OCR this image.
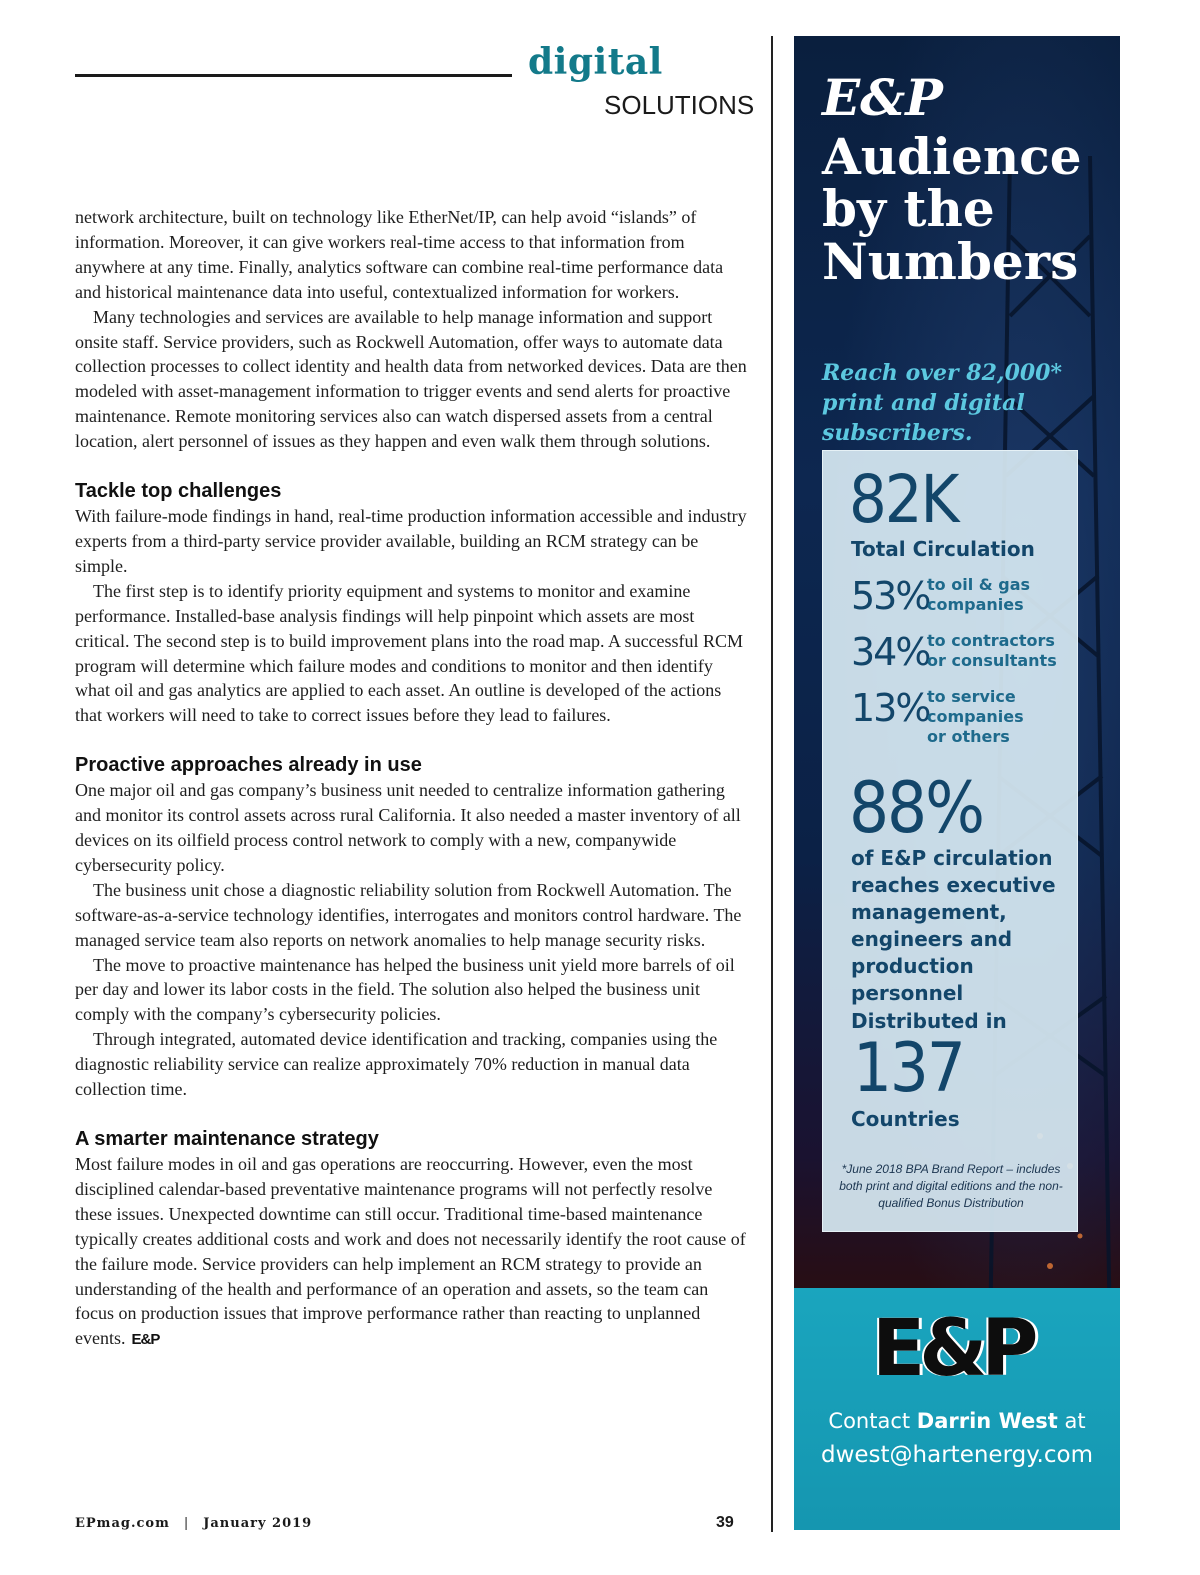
digital
SOLUTIONS

network architecture, built on technology like EtherNet/IP, can help avoid “islands” of information. Moreover, it can give workers real-time access to that information from anywhere at any time. Finally, analytics software can combine real-time performance data and historical maintenance data into useful, contextualized information for workers.

Many technologies and services are available to help manage information and support onsite staff. Service providers, such as Rockwell Automation, offer ways to automate data collection processes to collect identity and health data from networked devices. Data are then modeled with asset-management information to trigger events and send alerts for proactive maintenance. Remote monitoring services also can watch dispersed assets from a central location, alert personnel of issues as they happen and even walk them through solutions.

Tackle top challenges

With failure-mode findings in hand, real-time production information accessible and industry experts from a third-party service provider available, building an RCM strategy can be simple.

The first step is to identify priority equipment and systems to monitor and examine performance. Installed-base analysis findings will help pinpoint which assets are most critical. The second step is to build improvement plans into the road map. A successful RCM program will determine which failure modes and conditions to monitor and then identify what oil and gas analytics are applied to each asset. An outline is developed of the actions that workers will need to take to correct issues before they lead to failures.

Proactive approaches already in use

One major oil and gas company’s business unit needed to centralize information gathering and monitor its control assets across rural California. It also needed a master inventory of all devices on its oilfield process control network to comply with a new, companywide cybersecurity policy.

The business unit chose a diagnostic reliability solution from Rockwell Automation. The software-as-a-service technology identifies, interrogates and monitors control hardware. The managed service team also reports on network anomalies to help manage security risks.

The move to proactive maintenance has helped the business unit yield more barrels of oil per day and lower its labor costs in the field. The solution also helped the business unit comply with the company’s cybersecurity policies.

Through integrated, automated device identification and tracking, companies using the diagnostic reliability service can realize approximately 70% reduction in manual data collection time.

A smarter maintenance strategy

Most failure modes in oil and gas operations are reoccurring. However, even the most disciplined calendar-based preventative maintenance programs will not perfectly resolve these issues. Unexpected downtime can still occur. Traditional time-based maintenance typically creates additional costs and work and does not necessarily identify the root cause of the failure mode. Service providers can help implement an RCM strategy to provide an understanding of the health and performance of an operation and assets, so the team can focus on production issues that improve performance rather than reacting to unplanned events. E&P

EPmag.com | January 2019	39
E&P
Audience
by the
Numbers
Reach over 82,000* print and digital subscribers.
82K
Total Circulation
53%
to oil & gas
companies
34%
to contractors
or consultants
13%
to service
companies
or others
88%
of E&P circulation
reaches executive
management,
engineers and
production personnel
Distributed in
137
Countries
*June 2018 BPA Brand Report – includes both print and digital editions and the non-qualified Bonus Distribution
E&P
Contact Darrin West at
dwest@hartenergy.com
